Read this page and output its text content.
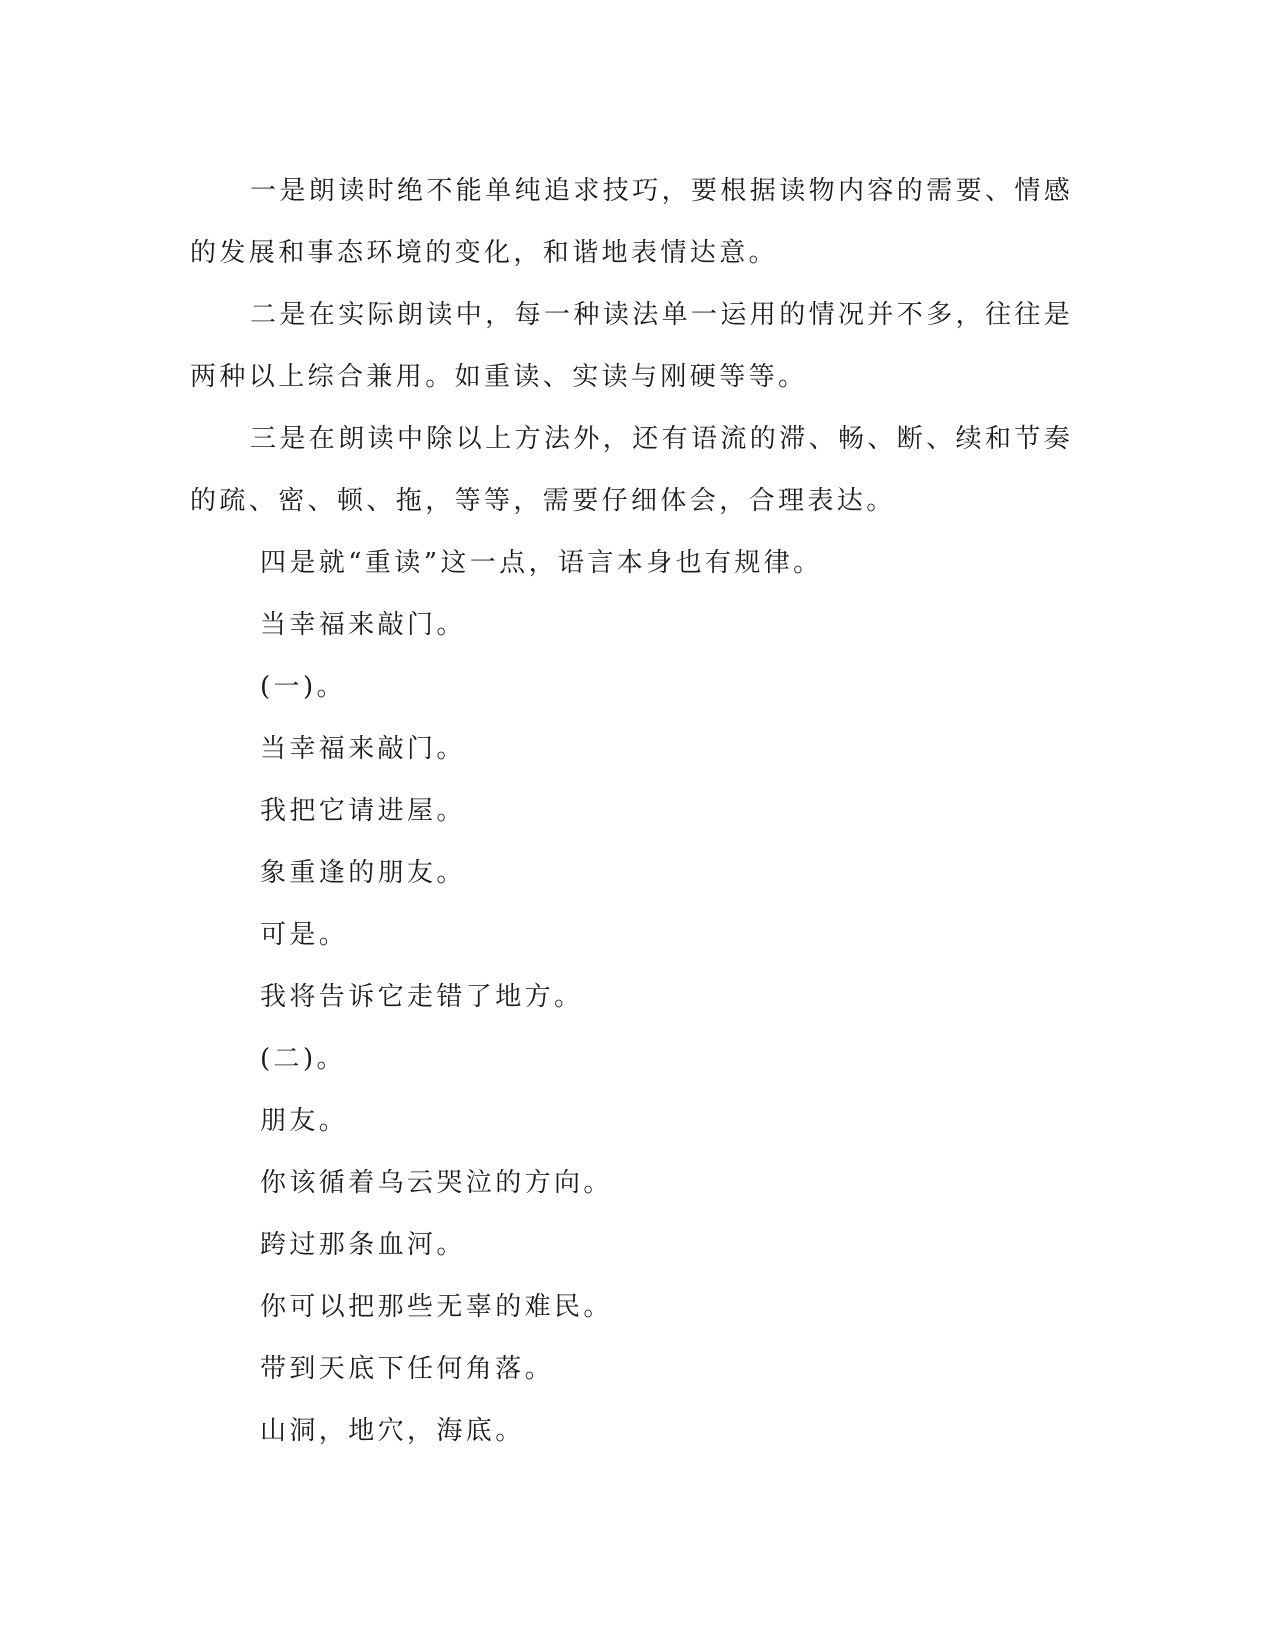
一是朗读时绝不能单纯追求技巧，要根据读物内容的需要、情感的发展和事态环境的变化，和谐地表情达意。

二是在实际朗读中，每一种读法单一运用的情况并不多，往往是两种以上综合兼用。如重读、实读与刚硬等等。

三是在朗读中除以上方法外，还有语流的滞、畅、断、续和节奏的疏、密、顿、拖，等等，需要仔细体会，合理表达。

四是就“重读”这一点，语言本身也有规律。

当幸福来敲门。

(一)。

当幸福来敲门。

我把它请进屋。

象重逢的朋友。

可是。

我将告诉它走错了地方。

(二)。

朋友。

你该循着乌云哭泣的方向。

跨过那条血河。

你可以把那些无辜的难民。

带到天底下任何角落。

山洞，地穴，海底。
